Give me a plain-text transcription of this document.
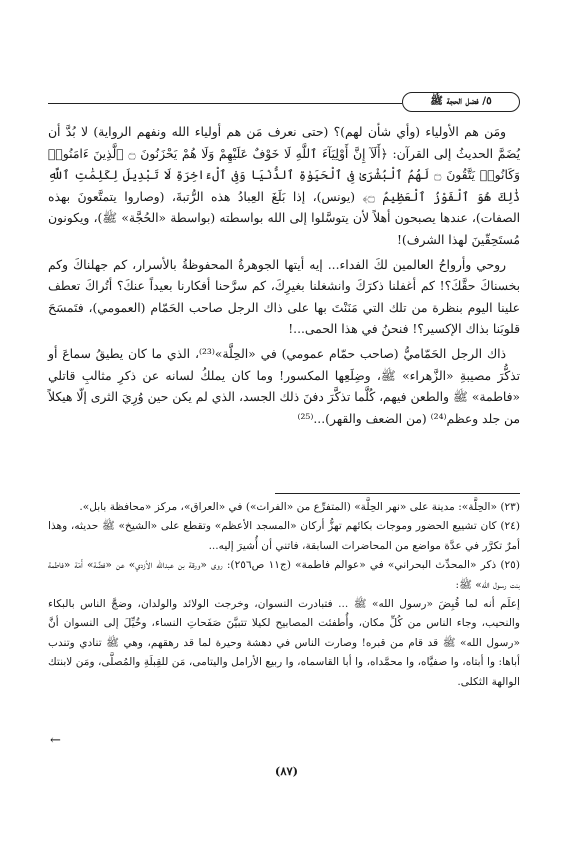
٥/ فضل الحجة ﷺ

ومَن هم الأولياء (وأي شأن لهم)؟ (حتى نعرف مَن هم أولياء الله ونفهم الرواية) لا بُدَّ أن يُضَمَّ الحديثُ إلى القرآن: ﴿أَلَآ إِنَّ أَوْلِيَآءَ ٱللَّهِ لَا خَوْفٌ عَلَيْهِمْ وَلَا هُمْ يَحْزَنُونَ ۝ ٱلَّذِينَ ءَامَنُوا۟ وَكَانُوا۟ يَتَّقُونَ ۝ لَهُمُ ٱلْبُشْرَىٰ فِى ٱلْحَيَوٰةِ ٱلدُّنْيَا وَفِى ٱلْءَاخِرَةِ لَا تَبْدِيلَ لِكَلِمَٰتِ ٱللَّهِ ذَٰلِكَ هُوَ ٱلْفَوْزُ ٱلْعَظِيمُ ۝﴾ (يونس)، إذا بَلَغَ العِبادُ هذه الرُّتبةَ، (وصاروا يتمتَّعونَ بهذه الصفات)، عندها يصبحون أهلاً لأن يتوسَّلوا إلى الله بواسطته (بواسطة «الحُجَّة» ﷺ)، ويكونون مُستَحِقّينَ لهذا الشرف)!

روحي وأرواحُ العالمين لكَ الفداء... إيه أيتها الجوهرةُ المحفوظةُ بالأسرار، كم جهلناكَ وكم بخسناكَ حقَّكَ؟! كم أغفلنا ذكرَكَ وانشغلنا بغيرِكَ، كم سرَّحنا أفكارنا بعيداً عنكَ؟ أتُراكَ تعطف علينا اليوم بنظرة من تلك التي مَنَنْتَ بها على ذاك الرجل صاحب الحَمّام (العمومي)، فتَمسَحَ قلوبَنا بذاك الإكسير؟! فنحنُ في هذا الحمى...!

ذاك الرجل الحَمّاميُّ (صاحب حمّام عمومي) في «الحِلَّة»⁽²³⁾، الذي ما كان يطيقُ سماعَ أو تذكُّرَ مصيبةِ «الزَّهراء» ﷺ، وضِلَعِها المكسور! وما كان يملكُ لسانه عن ذكرِ مثالبِ قاتلي «فاطمة» ﷺ والطعن فيهم، كُلَّما تذكَّرَ دفنَ ذلك الجسد، الذي لم يكن حين وُرِيَ الثرى إلّا هيكلاً من جلد وعظم⁽²⁴⁾ (من الضعف والقهر)...⁽²⁵⁾

(٢٣) «الحِلَّة»: مدينة على «نهر الحِلَّة» (المتفرِّع من «الفرات») في «العراق»، مركز «محافظة بابل».

(٢٤) كان تشييع الحضور وموجات بكائهم تهزُّ أركان «المسجد الأعظم» وتقطع على «الشيخ» ﷺ حديثه، وهذا أمرٌ تكرَّر في عدَّة مواضع من المحاضرات السابقة، فاتني أن أُشيرَ إليه...

(٢٥) ذكر «المحدِّث البحراني» في «عوالم فاطمة» (ج١١ ص٢٥٦): روى «ورقة بن عبدالله الأزدي» عن «فضَّة» أَمَة «فاطمة بنت رسول الله» ﷺ:

إعلَم أنه لما قُبِضَ «رسول الله» ﷺ ... فتبادرت النسوان، وخرجت الولائد والولدان، وضجَّ الناس بالبكاء والنحيب، وجاء الناس من كُلِّ مكان، وأُطفئت المصابيح لكيلا تتبيَّنَ صَفَحاتِ النساء، وخُيِّلَ إلى النسوان أنَّ «رسول الله» ﷺ قد قام من قبره! وصارت الناس في دهشة وحيرة لما قد رهقهم، وهي ﷺ تنادي وتندب أباها: وا أبتاه، وا صفيَّاه، وا محمَّداه، وا أبا القاسماه، وا ربيع الأرامل واليتامى، مَن للقِبلَةِ والمُصلَّى، ومَن لابنتك الوالهة الثكلى.

←
(٨٧)
